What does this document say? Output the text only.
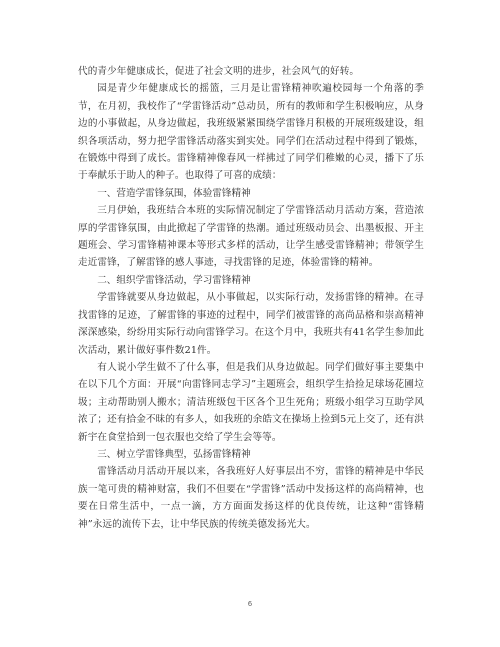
代的青少年健康成长，促进了社会文明的进步，社会风气的好转。

园是青少年健康成长的摇篮，三月是让雷锋精神吹遍校园每一个角落的季节，在月初，我校作了“学雷锋活动”总动员，所有的教师和学生积极响应，从身边的小事做起，从身边做起，我班级紧紧围绕学雷锋月积极的开展班级建设，组织各项活动，努力把学雷锋活动落实到实处。同学们在活动过程中得到了锻炼，在锻炼中得到了成长。雷锋精神像春风一样拂过了同学们稚嫩的心灵，播下了乐于奉献乐于助人的种子。也取得了可喜的成绩：

一、营造学雷锋氛围，体验雷锋精神

三月伊始，我班结合本班的实际情况制定了学雷锋活动月活动方案，营造浓厚的学雷锋氛围，由此掀起了学雷锋的热潮。通过班级动员会、出墨板报、开主题班会、学习雷锋精神课本等形式多样的活动，让学生感受雷锋精神；带领学生走近雷锋，了解雷锋的感人事迹，寻找雷锋的足迹，体验雷锋的精神。

二、组织学雷锋活动，学习雷锋精神

学雷锋就要从身边做起，从小事做起，以实际行动，发扬雷锋的精神。在寻找雷锋的足迹，了解雷锋的事迹的过程中，同学们被雷锋的高尚品格和崇高精神深深感染，纷纷用实际行动向雷锋学习。在这个月中，我班共有41名学生参加此次活动，累计做好事件数21件。

有人说小学生做不了什么事，但是我们从身边做起。同学们做好事主要集中在以下几个方面：开展“向雷锋同志学习”主题班会，组织学生拾捡足球场花圃垃圾；主动帮助别人搬水；清洁班级包干区各个卫生死角；班级小组学习互助学风浓了；还有拾金不昧的有多人，如我班的余皓文在操场上捡到5元上交了，还有洪新宇在食堂拾到一包衣服也交给了学生会等等。

三、树立学雷锋典型，弘扬雷锋精神

雷锋活动月活动开展以来，各我班好人好事层出不穷，雷锋的精神是中华民族一笔可贵的精神财富，我们不但要在“学雷锋”活动中发扬这样的高尚精神，也要在日常生活中，一点一滴，方方面面发扬这样的优良传统，让这种“雷锋精神”永远的流传下去，让中华民族的传统美德发扬光大。

6
